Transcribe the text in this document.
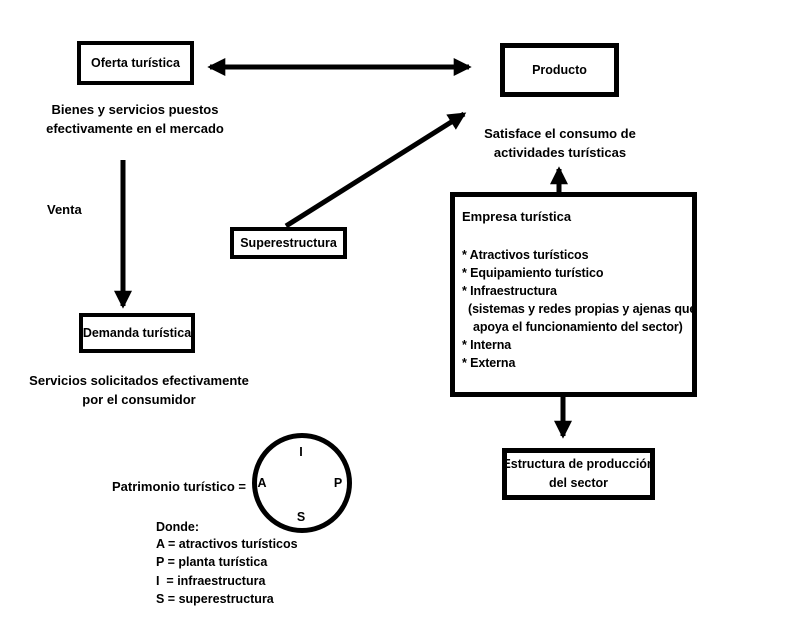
Oferta turística	Producto
Superestructura
Demanda turística
Empresa turística
* Atractivos turísticos
* Equipamiento turístico
* Infraestructura
(sistemas y redes propias y ajenas que
apoya el funcionamiento del sector)
* Interna
* Externa
Estructura de producción
del sector
Bienes y servicios puestos
efectivamente en el mercado
Venta
Servicios solicitados efectivamente
por el consumidor
Satisface el consumo de
actividades turísticas
Patrimonio turístico =
I
A	P
S
Donde:
A = atractivos turísticos
P = planta turística
I  = infraestructura
S = superestructura
